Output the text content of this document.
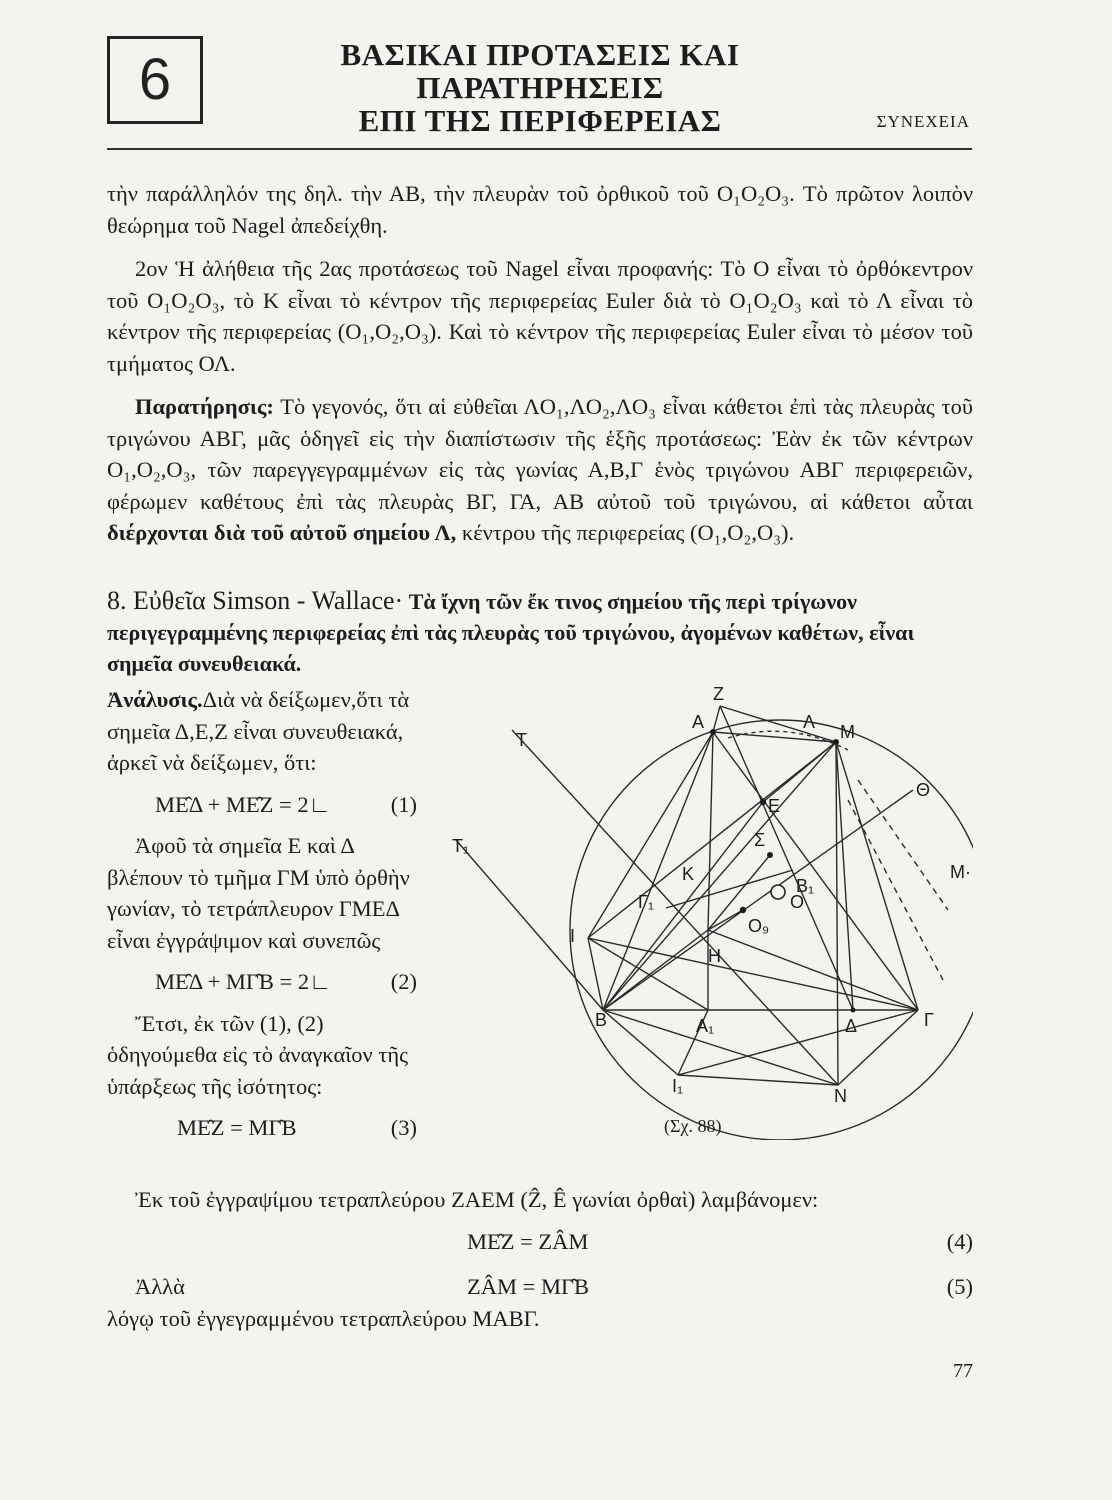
6	ΒΑΣΙΚΑΙ ΠΡΟΤΑΣΕΙΣ ΚΑΙ ΠΑΡΑΤΗΡΗΣΕΙΣ
ΕΠΙ ΤΗΣ ΠΕΡΙΦΕΡΕΙΑΣ	ΣΥΝΕΧΕΙΑ

τὴν παράλληλόν της δηλ. τὴν ΑΒ, τὴν πλευρὰν τοῦ ὀρθικοῦ τοῦ O₁O₂O₃. Τὸ πρῶτον λοιπὸν θεώρημα τοῦ Nagel ἀπεδείχθη.

2ον Ἡ ἀλήθεια τῆς 2ας προτάσεως τοῦ Nagel εἶναι προφανής: Τὸ Ο εἶναι τὸ ὀρθόκεντρον τοῦ O₁O₂O₃, τὸ Κ εἶναι τὸ κέντρον τῆς περιφερείας Euler διὰ τὸ O₁O₂O₃ καὶ τὸ Λ εἶναι τὸ κέντρον τῆς περιφερείας (O₁,O₂,O₃). Καὶ τὸ κέντρον τῆς περιφερείας Euler εἶναι τὸ μέσον τοῦ τμήματος ΟΛ.

Παρατήρησις: Τὸ γεγονός, ὅτι αἱ εὐθεῖαι ΛO₁,ΛO₂,ΛO₃ εἶναι κάθετοι ἐπὶ τὰς πλευρὰς τοῦ τριγώνου ΑΒΓ, μᾶς ὁδηγεῖ εἰς τὴν διαπίστωσιν τῆς ἑξῆς προτάσεως: Ἐὰν ἐκ τῶν κέντρων O₁,O₂,O₃, τῶν παρεγγεγραμμένων εἰς τὰς γωνίας Α,Β,Γ ἑνὸς τριγώνου ΑΒΓ περιφερειῶν, φέρωμεν καθέτους ἐπὶ τὰς πλευρὰς ΒΓ, ΓΑ, ΑΒ αὐτοῦ τοῦ τριγώνου, αἱ κάθετοι αὗται διέρχονται διὰ τοῦ αὐτοῦ σημείου Λ, κέντρου τῆς περιφερείας (O₁,O₂,O₃).

8. Εὐθεῖα Simson - Wallace· Τὰ ἴχνη τῶν ἔκ τινος σημείου τῆς περὶ τρίγωνον περιγεγραμμένης περιφερείας ἐπὶ τὰς πλευρὰς τοῦ τριγώνου, ἀγομένων καθέτων, εἶναι σημεῖα συνευθειακά.

Ἀνάλυσις.Διὰ νὰ δείξωμεν,ὅτι τὰ σημεῖα Δ,Ε,Ζ εἶναι συνευθειακά, ἀρκεῖ νὰ δείξωμεν, ὅτι:

ΜΕ̂Δ + ΜΕ̂Ζ = 2∟	(1)

Ἀφοῦ τὰ σημεῖα Ε καὶ Δ βλέπουν τὸ τμῆμα ΓΜ ὑπὸ ὀρθὴν γωνίαν, τὸ τετράπλευρον ΓΜΕΔ εἶναι ἐγγράψιμον καὶ συνεπῶς

ΜΕ̂Δ + ΜΓ̂Β = 2∟	(2)

Ἔτσι, ἐκ τῶν (1), (2) ὁδηγούμεθα εἰς τὸ ἀναγκαῖον τῆς ὑπάρξεως τῆς ἰσότητος:

ΜΕ̂Ζ = ΜΓ̂Β	(3)

Z
A	Λ M
T
T₁
Θ
E
Σ
K
Γ₁
B₁
O
O₉
I
H
B	A₁	Δ	Γ
I₁	N
M·
(Σχ. 88)

Ἐκ τοῦ ἐγγραψίμου τετραπλεύρου ΖΑΕΜ (Ẑ, Ê γωνίαι ὀρθαὶ) λαμβάνομεν:

ΜΕ̂Ζ = ΖÂΜ	(4)
Ἀλλὰ	ΖÂΜ = ΜΓ̂Β	(5)

λόγῳ τοῦ ἐγγεγραμμένου τετραπλεύρου ΜΑΒΓ.

77
